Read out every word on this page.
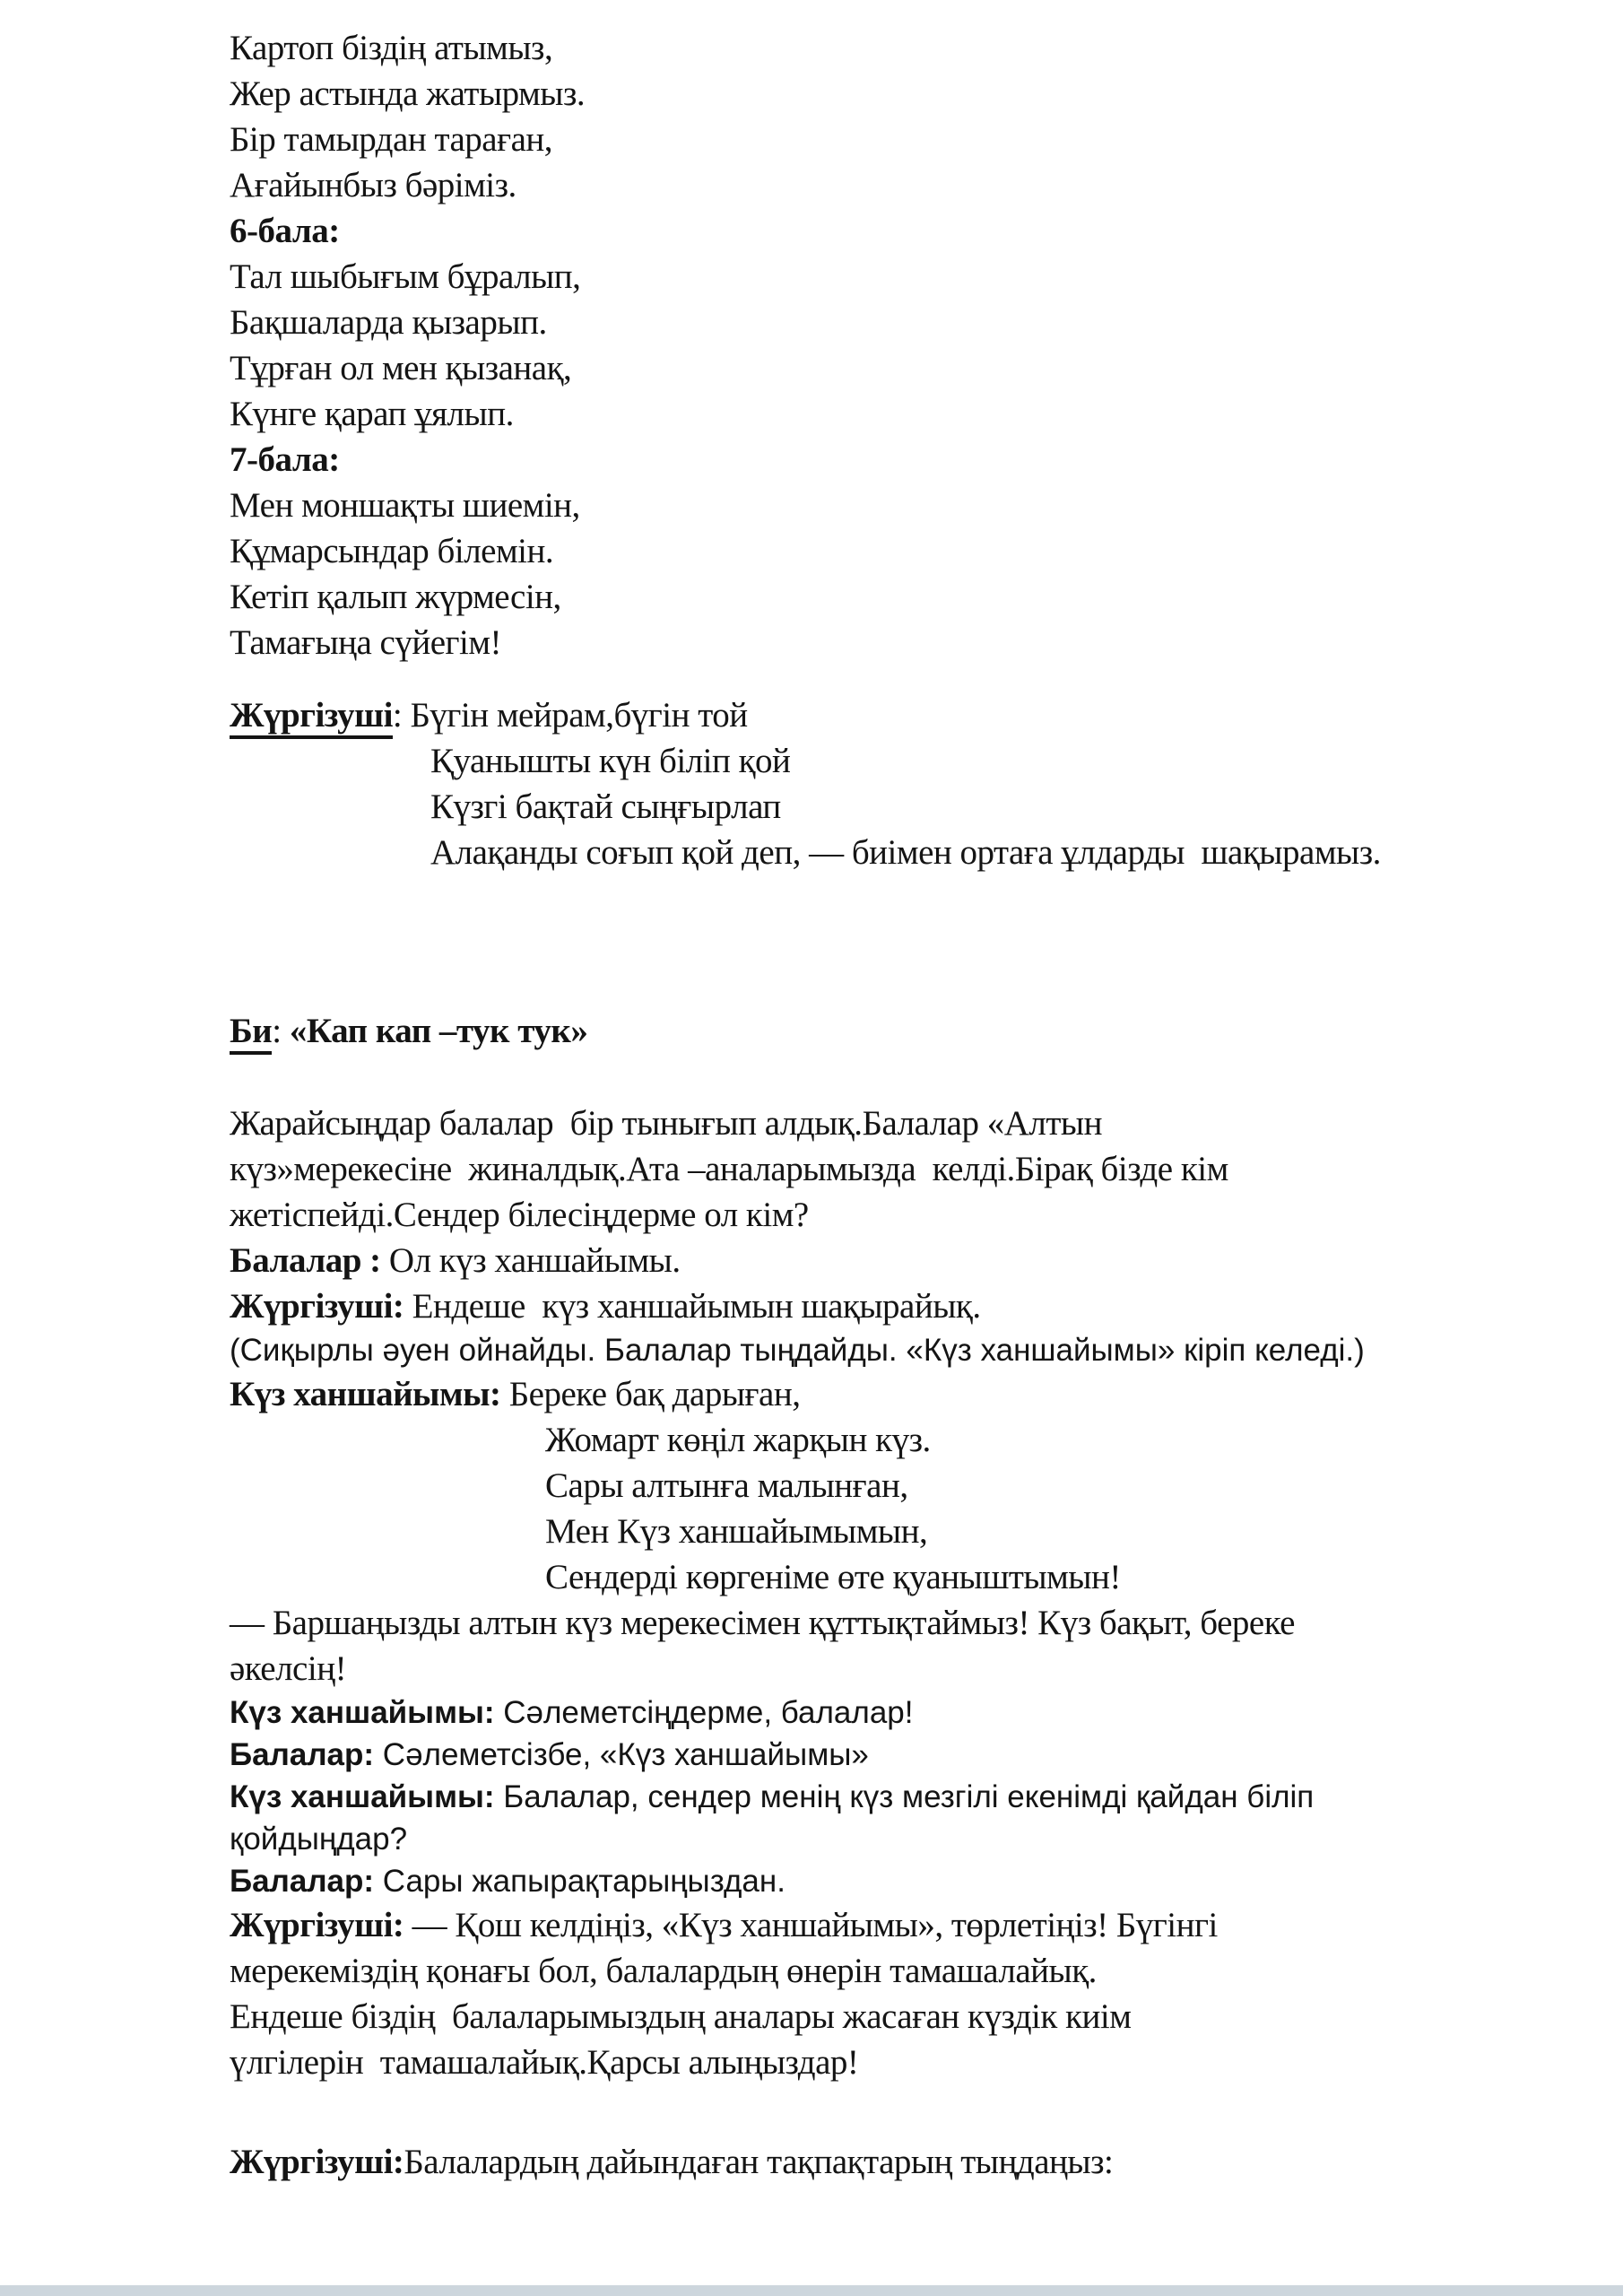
Картоп біздің атымыз,
Жер астында жатырмыз.
Бір тамырдан тараған,
Ағайынбыз бәріміз.
6-бала:
Тал шыбығым бұралып,
Бақшаларда қызарып.
Тұрған ол мен қызанақ,
Күнге қарап ұялып.
7-бала:
Мен моншақты шиемін,
Құмарсындар білемін.
Кетіп қалып жүрмесін,
Тамағыңа сүйегім!
Жүргізуші: Бүгін мейрам,бүгін той
Қуанышты күн біліп қой
Күзгі бақтай сыңғырлап
Алақанды соғып қой деп, — биімен ортаға ұлдарды  шақырамыз.
Би: «Кап кап –тук тук»
Жарайсыңдар балалар  бір тынығып алдық.Балалар «Алтын
күз»мерекесіне  жиналдық.Ата –аналарымызда  келді.Бірақ бізде кім
жетіспейді.Сендер білесіңдерме ол кім?
Балалар : Ол күз ханшайымы.
Жүргізуші: Ендеше  күз ханшайымын шақырайық.
(Сиқырлы әуен ойнайды. Балалар тыңдайды. «Күз ханшайымы» кіріп келеді.)
Күз ханшайымы: Береке бақ дарыған,
Жомарт көңіл жарқын күз.
Сары алтынға малынған,
Мен Күз ханшайымымын,
Сендерді көргеніме өте қуаныштымын!
— Баршаңызды алтын күз мерекесімен құттықтаймыз! Күз бақыт, береке
әкелсің!
Күз ханшайымы: Сәлеметсіңдерме, балалар!
Балалар: Сәлеметсізбе, «Күз ханшайымы»
Күз ханшайымы: Балалар, сендер менің күз мезгілі екенімді қайдан біліп
қойдыңдар?
Балалар: Сары жапырақтарыңыздан.
Жүргізуші: — Қош келдіңіз, «Күз ханшайымы», төрлетіңіз! Бүгінгі
мерекеміздің қонағы бол, балалардың өнерін тамашалайық.
Ендеше біздің  балаларымыздың аналары жасаған күздік киім
үлгілерін  тамашалайық.Қарсы алыңыздар!
Жүргізуші:Балалардың дайындаған тақпақтарың тыңдаңыз:
